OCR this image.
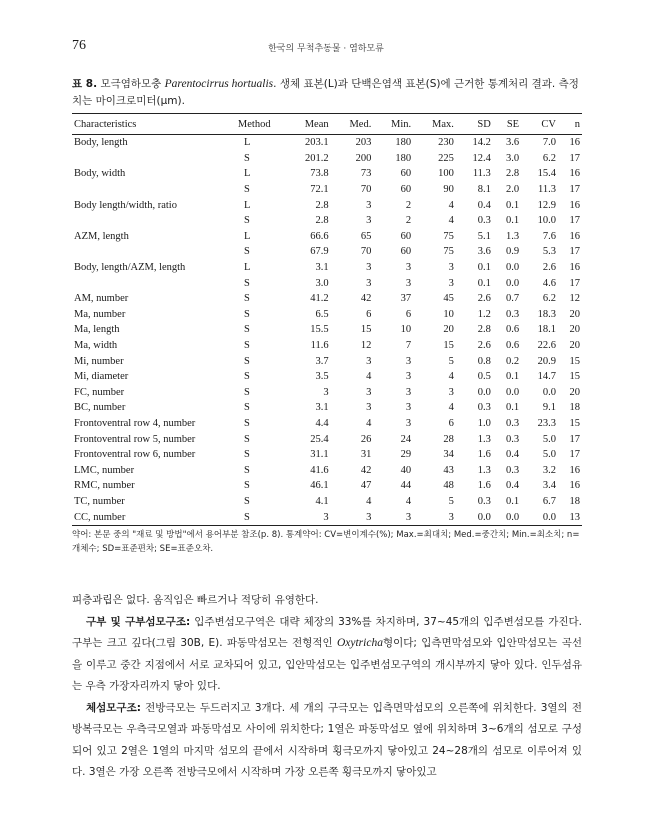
76	한국의 무척추동물 · 염하모류
표 8. 모극염하모충 Parentocirrus hortualis. 생체 표본(L)과 단백은염색 표본(S)에 근거한 통계처리 결과. 측정치는 마이크로미터(μm).
Characteristics	Method	Mean	Med.	Min.	Max.	SD	SE	CV	n
Body, length	L	203.1	203	180	230	14.2	3.6	7.0	16
	S	201.2	200	180	225	12.4	3.0	6.2	17
Body, width	L	73.8	73	60	100	11.3	2.8	15.4	16
	S	72.1	70	60	90	8.1	2.0	11.3	17
Body length/width, ratio	L	2.8	3	2	4	0.4	0.1	12.9	16
	S	2.8	3	2	4	0.3	0.1	10.0	17
AZM, length	L	66.6	65	60	75	5.1	1.3	7.6	16
	S	67.9	70	60	75	3.6	0.9	5.3	17
Body, length/AZM, length	L	3.1	3	3	3	0.1	0.0	2.6	16
	S	3.0	3	3	3	0.1	0.0	4.6	17
AM, number	S	41.2	42	37	45	2.6	0.7	6.2	12
Ma, number	S	6.5	6	6	10	1.2	0.3	18.3	20
Ma, length	S	15.5	15	10	20	2.8	0.6	18.1	20
Ma, width	S	11.6	12	7	15	2.6	0.6	22.6	20
Mi, number	S	3.7	3	3	5	0.8	0.2	20.9	15
Mi, diameter	S	3.5	4	3	4	0.5	0.1	14.7	15
FC, number	S	3	3	3	3	0.0	0.0	0.0	20
BC, number	S	3.1	3	3	4	0.3	0.1	9.1	18
Frontoventral row 4, number	S	4.4	4	3	6	1.0	0.3	23.3	15
Frontoventral row 5, number	S	25.4	26	24	28	1.3	0.3	5.0	17
Frontoventral row 6, number	S	31.1	31	29	34	1.6	0.4	5.0	17
LMC, number	S	41.6	42	40	43	1.3	0.3	3.2	16
RMC, number	S	46.1	47	44	48	1.6	0.4	3.4	16
TC, number	S	4.1	4	4	5	0.3	0.1	6.7	18
CC, number	S	3	3	3	3	0.0	0.0	0.0	13
약어: 본문 중의 "재료 및 방법"에서 용어부분 참조(p. 8). 통계약어: CV=변이계수(%); Max.=최대치; Med.=중간치; Min.=최소치; n=개체수; SD=표준편차; SE=표준오차.

피층과립은 없다. 움직임은 빠르거나 적당히 유영한다.

구부 및 구부섬모구조: 입주변섬모구역은 대략 체장의 33%를 차지하며, 37~45개의 입주변섬모를 가진다. 구부는 크고 깊다(그림 30B, E). 파동막섬모는 전형적인 Oxytricha형이다; 입측면막섬모와 입안막섬모는 곡선을 이루고 중간 지점에서 서로 교차되어 있고, 입안막섬모는 입주변섬모구역의 개시부까지 닿아 있다. 인두섬유는 우측 가장자리까지 닿아 있다.

체섬모구조: 전방극모는 두드러지고 3개다. 세 개의 구극모는 입측면막섬모의 오른쪽에 위치한다. 3열의 전방복극모는 우측극모열과 파동막섬모 사이에 위치한다; 1열은 파동막섬모 옆에 위치하며 3~6개의 섬모로 구성되어 있고 2열은 1열의 마지막 섬모의 끝에서 시작하며 횡극모까지 닿아있고 24~28개의 섬모로 이루어져 있다. 3열은 가장 오른쪽 전방극모에서 시작하며 가장 오른쪽 횡극모까지 닿아있고
